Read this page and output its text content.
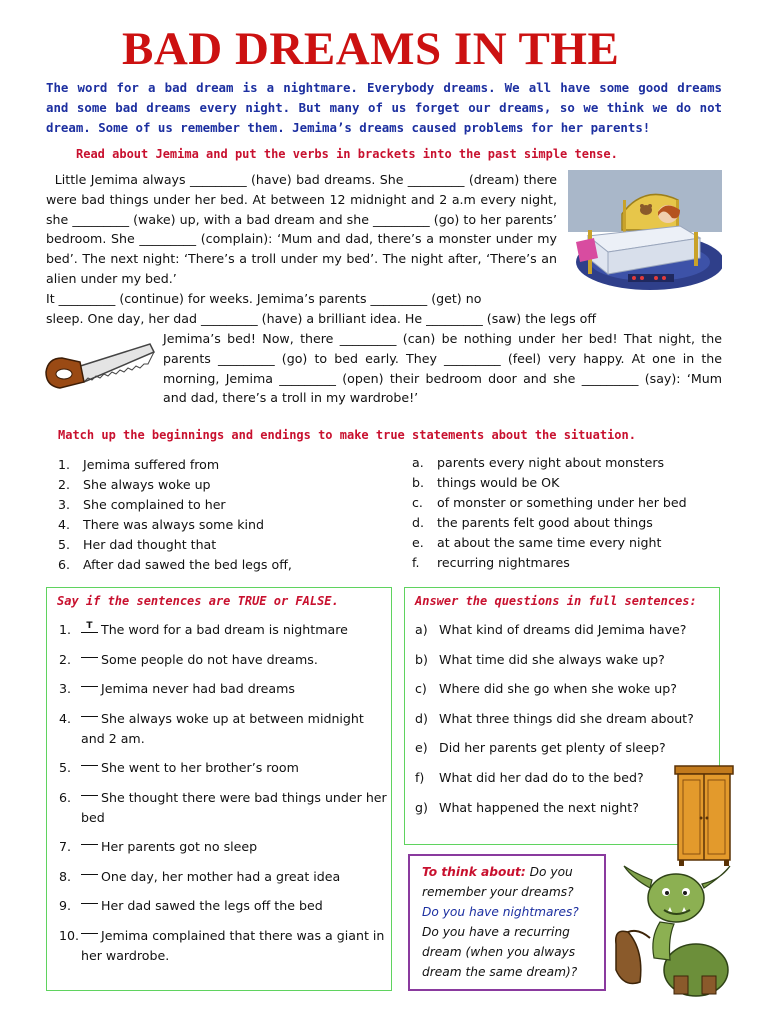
BAD DREAMS IN THE
The word for a bad dream is a nightmare. Everybody dreams. We all have some good dreams and some bad dreams every night. But many of us forget our dreams, so we think we do not dream. Some of us remember them. Jemima’s dreams caused problems for her parents!
Read about Jemima and put the verbs in brackets into the past simple tense.

Little Jemima always _________ (have) bad dreams. She _________ (dream) there were bad things under her bed. At between 12 midnight and 2 a.m every night, she _________ (wake) up, with a bad dream and she _________ (go) to her parents’ bedroom. She _________ (complain): ‘Mum and dad, there’s a monster under my bed’. The next night: ‘There’s a troll under my bed’. The night after, ‘There’s an alien under my bed.’

It _________ (continue) for weeks. Jemima’s parents _________ (get) no

sleep. One day, her dad _________ (have) a brilliant idea. He _________ (saw) the legs off

Jemima’s bed! Now, there _________ (can) be nothing under her bed! That night, the parents _________ (go) to bed early. They _________ (feel) very happy. At one in the morning, Jemima _________ (open) their bedroom door and she _________ (say): ‘Mum and dad, there’s a troll in my wardrobe!’

Match up the beginnings and endings to make true statements about the situation.
1.	Jemima suffered from
2.	She always woke up
3.	She complained to her
4.	There was always some kind
5.	Her dad thought that
6.	After dad sawed the bed legs off,
a.	parents every night about monsters
b.	things would be OK
c.	of monster or something under her bed
d.	the parents felt good about things
e.	at about the same time every night
f.	recurring nightmares
Say if the sentences are TRUE or FALSE.
1.	T The word for a bad dream is nightmare
2.	Some people do not have dreams.
3.	Jemima never had bad dreams
4.	She always woke up at between midnight and 2 am.
5.	She went to her brother’s room
6.	She thought there were bad things under her bed
7.	Her parents got no sleep
8.	One day, her mother had a great idea
9.	Her dad sawed the legs off the bed
10.	Jemima complained that there was a giant in her wardrobe.
Answer the questions in full sentences:
a) What kind of dreams did Jemima have?
b) What time did she always wake up?
c) Where did she go when she woke up?
d) What three things did she dream about?
e) Did her parents get plenty of sleep?
f)	What did her dad do to the bed?
g) What happened the next night?
To think about: Do you remember your dreams?
Do you have nightmares?
Do you have a recurring dream (when you always dream the same dream)?
